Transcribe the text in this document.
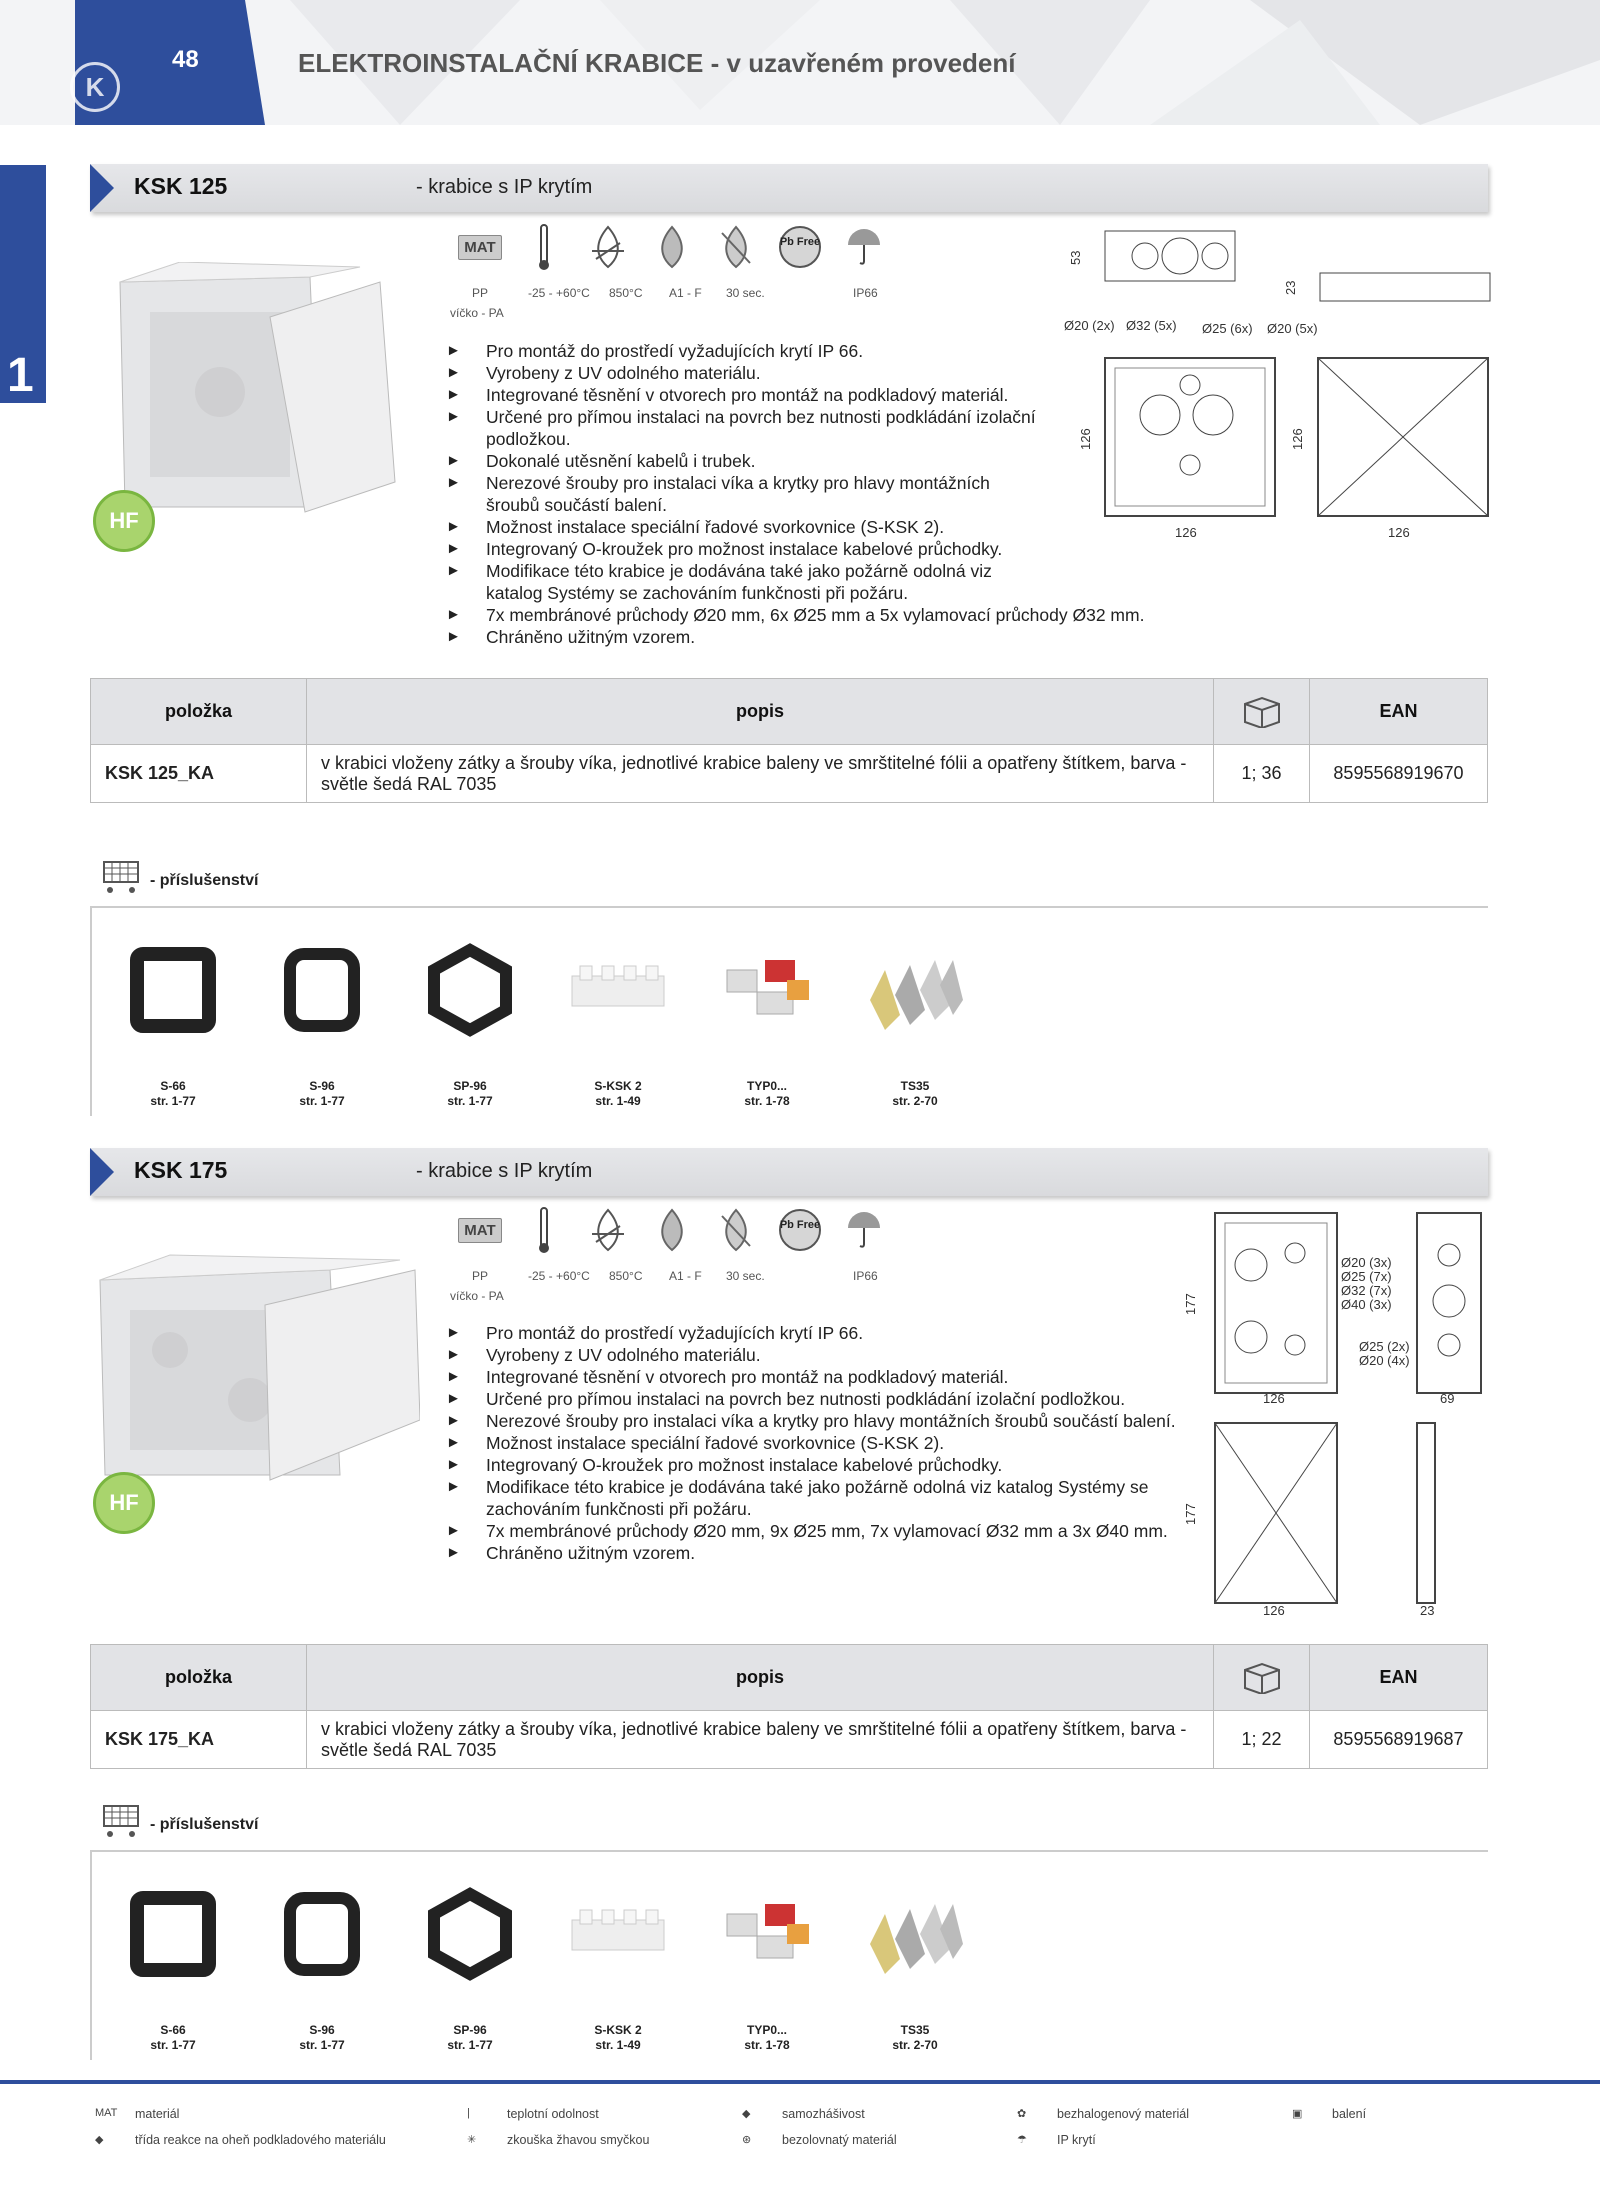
K
48	ELEKTROINSTALAČNÍ KRABICE - v uzavřeném provedení
1
KSK 125	- krabice s IP krytím
HF
MAT	Pb Free
PP
víčko - PA
-25 - +60°C 850°C A1 - F 30 sec.	IP66
► Pro montáž do prostředí vyžadujících krytí IP 66.
► Vyrobeny z UV odolného materiálu.
► Integrované těsnění v otvorech pro montáž na podkladový materiál.
► Určené pro přímou instalaci na povrch bez nutnosti podkládání izolační podložkou.
► Dokonalé utěsnění kabelů i trubek.
► Nerezové šrouby pro instalaci víka a krytky pro hlavy montážních šroubů součástí balení.
► Možnost instalace speciální řadové svorkovnice (S-KSK 2).
► Integrovaný O-kroužek pro možnost instalace kabelové průchodky.
► Modifikace této krabice je dodávána také jako požárně odolná viz katalog Systémy se zachováním funkčnosti při požáru.
► 7x membránové průchody Ø20 mm, 6x Ø25 mm a 5x vylamovací průchody Ø32 mm.
► Chráněno užitným vzorem.
53
23
Ø20 (2x) Ø32 (5x) Ø25 (6x) Ø20 (5x)
126
126
126
126
položka	popis		EAN
KSK 125_KA	v krabici vloženy zátky a šrouby víka, jednotlivé krabice baleny ve smrštitelné fólii a opatřeny štítkem, barva - světle šedá RAL 7035	1; 36	8595568919670
- příslušenství
S-66
str. 1-77
S-96
str. 1-77
SP-96
str. 1-77
S-KSK 2
str. 1-49
TYP0...
str. 1-78
TS35
str. 2-70
KSK 175	- krabice s IP krytím
HF
MAT	Pb Free
PP
víčko - PA
-25 - +60°C 850°C A1 - F 30 sec.	IP66
► Pro montáž do prostředí vyžadujících krytí IP 66.
► Vyrobeny z UV odolného materiálu.
► Integrované těsnění v otvorech pro montáž na podkladový materiál.
► Určené pro přímou instalaci na povrch bez nutnosti podkládání izolační podložkou.
► Nerezové šrouby pro instalaci víka a krytky pro hlavy montážních šroubů součástí balení.
► Možnost instalace speciální řadové svorkovnice (S-KSK 2).
► Integrovaný O-kroužek pro možnost instalace kabelové průchodky.
► Modifikace této krabice je dodávána také jako požárně odolná viz katalog Systémy se zachováním funkčnosti při požáru.
► 7x membránové průchody Ø20 mm, 9x Ø25 mm, 7x vylamovací Ø32 mm a 3x Ø40 mm.
► Chráněno užitným vzorem.
177
126
Ø20 (3x)
Ø25 (7x)
Ø32 (7x)
Ø40 (3x)
Ø25 (2x)
Ø20 (4x)
69
177
126	23
položka	popis		EAN
KSK 175_KA	v krabici vloženy zátky a šrouby víka, jednotlivé krabice baleny ve smrštitelné fólii a opatřeny štítkem, barva - světle šedá RAL 7035	1; 22	8595568919687
- příslušenství
S-66
str. 1-77
S-96
str. 1-77
SP-96
str. 1-77
S-KSK 2
str. 1-49
TYP0...
str. 1-78
TS35
str. 2-70
MAT materiál
◆	třída reakce na oheň podkladového materiálu
|	teplotní odolnost
✳ zkouška žhavou smyčkou
◆	samozhášivost
⊛ bezolovnatý materiál
✿ bezhalogenový materiál
☂ IP krytí
▣ balení
